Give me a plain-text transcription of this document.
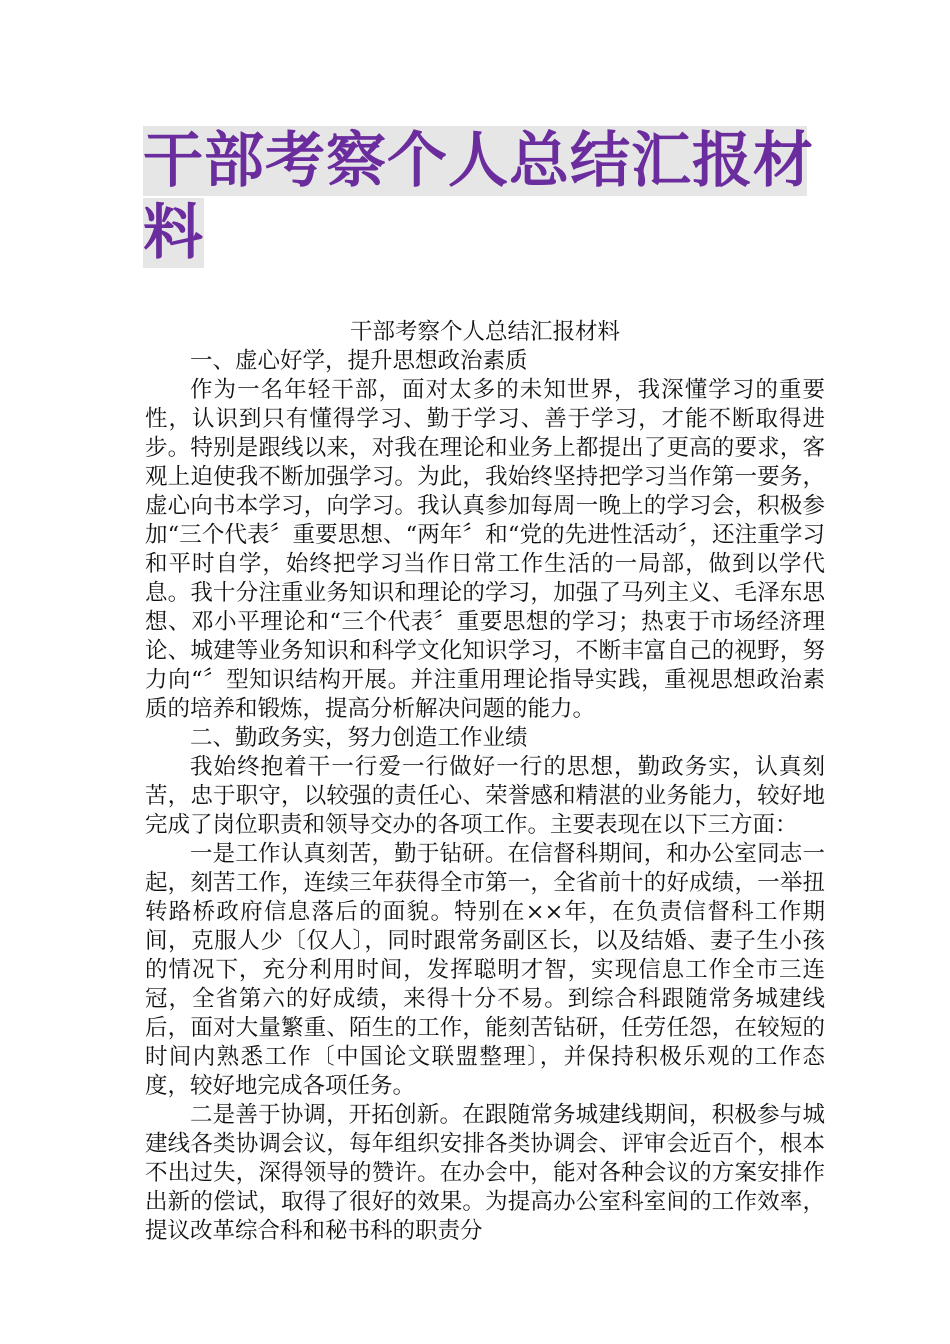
干部考察个人总结汇报材
料

干部考察个人总结汇报材料

一、虚心好学，提升思想政治素质

作为一名年轻干部，面对太多的未知世界，我深懂学习的重要性，认识到只有懂得学习、勤于学习、善于学习，才能不断取得进步。特别是跟线以来，对我在理论和业务上都提出了更高的要求，客观上迫使我不断加强学习。为此，我始终坚持把学习当作第一要务，虚心向书本学习，向学习。我认真参加每周一晚上的学习会，积极参加“三个代表〞重要思想、“两年〞和“党的先进性活动〞，还注重学习和平时自学，始终把学习当作日常工作生活的一局部，做到以学代息。我十分注重业务知识和理论的学习，加强了马列主义、毛泽东思想、邓小平理论和“三个代表〞重要思想的学习；热衷于市场经济理论、城建等业务知识和科学文化知识学习，不断丰富自己的视野，努力向“〞型知识结构开展。并注重用理论指导实践，重视思想政治素质的培养和锻炼，提高分析解决问题的能力。

二、勤政务实，努力创造工作业绩

我始终抱着干一行爱一行做好一行的思想，勤政务实，认真刻苦，忠于职守，以较强的责任心、荣誉感和精湛的业务能力，较好地完成了岗位职责和领导交办的各项工作。主要表现在以下三方面：

一是工作认真刻苦，勤于钻研。在信督科期间，和办公室同志一起，刻苦工作，连续三年获得全市第一，全省前十的好成绩，一举扭转路桥政府信息落后的面貌。特别在××年，在负责信督科工作期间，克服人少〔仅人〕，同时跟常务副区长，以及结婚、妻子生小孩的情况下，充分利用时间，发挥聪明才智，实现信息工作全市三连冠，全省第六的好成绩，来得十分不易。到综合科跟随常务城建线后，面对大量繁重、陌生的工作，能刻苦钻研，任劳任怨，在较短的时间内熟悉工作〔中国论文联盟整理〕，并保持积极乐观的工作态度，较好地完成各项任务。

二是善于协调，开拓创新。在跟随常务城建线期间，积极参与城建线各类协调会议，每年组织安排各类协调会、评审会近百个，根本不出过失，深得领导的赞许。在办会中，能对各种会议的方案安排作出新的偿试，取得了很好的效果。为提高办公室科室间的工作效率，提议改革综合科和秘书科的职责分
